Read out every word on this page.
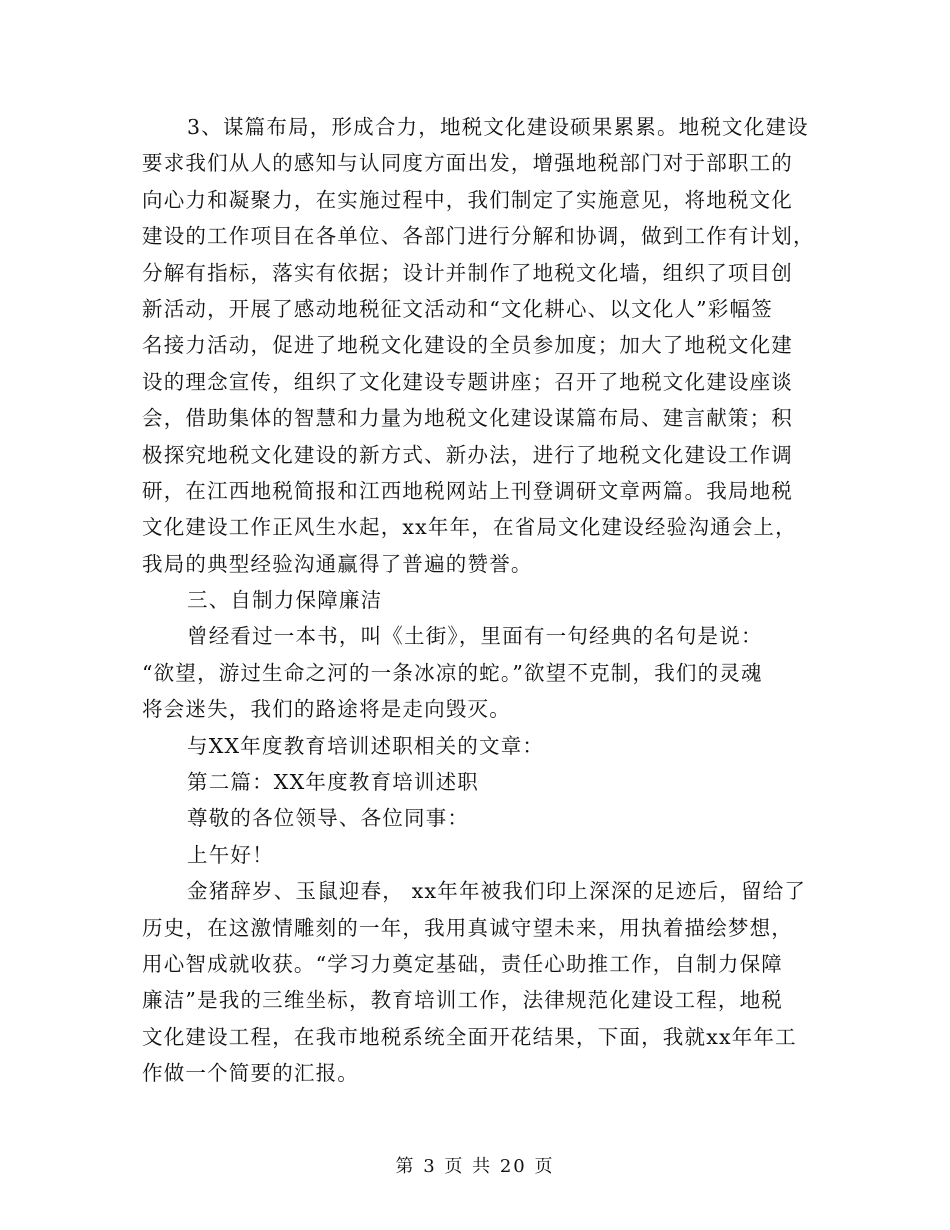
3、谋篇布局，形成合力，地税文化建设硕果累累。地税文化建设
要求我们从人的感知与认同度方面出发，增强地税部门对于部职工的
向心力和凝聚力，在实施过程中，我们制定了实施意见，将地税文化
建设的工作项目在各单位、各部门进行分解和协调，做到工作有计划，
分解有指标，落实有依据；设计并制作了地税文化墙，组织了项目创
新活动，开展了感动地税征文活动和“文化耕心、以文化人”彩幅签
名接力活动，促进了地税文化建设的全员参加度；加大了地税文化建
设的理念宣传，组织了文化建设专题讲座；召开了地税文化建设座谈
会，借助集体的智慧和力量为地税文化建设谋篇布局、建言献策；积
极探究地税文化建设的新方式、新办法，进行了地税文化建设工作调
研，在江西地税简报和江西地税网站上刊登调研文章两篇。我局地税
文化建设工作正风生水起，xx年年，在省局文化建设经验沟通会上，
我局的典型经验沟通赢得了普遍的赞誉。

三、自制力保障廉洁

曾经看过一本书，叫《土街》，里面有一句经典的名句是说：
“欲望，游过生命之河的一条冰凉的蛇。”欲望不克制，我们的灵魂
将会迷失，我们的路途将是走向毁灭。

与XX年度教育培训述职相关的文章：

第二篇：XX年度教育培训述职

尊敬的各位领导、各位同事：

上午好！

金猪辞岁、玉鼠迎春， xx年年被我们印上深深的足迹后，留给了
历史，在这激情雕刻的一年，我用真诚守望未来，用执着描绘梦想，
用心智成就收获。“学习力奠定基础，责任心助推工作，自制力保障
廉洁”是我的三维坐标，教育培训工作，法律规范化建设工程，地税
文化建设工程，在我市地税系统全面开花结果，下面，我就xx年年工
作做一个简要的汇报。

第 3 页 共 20 页
